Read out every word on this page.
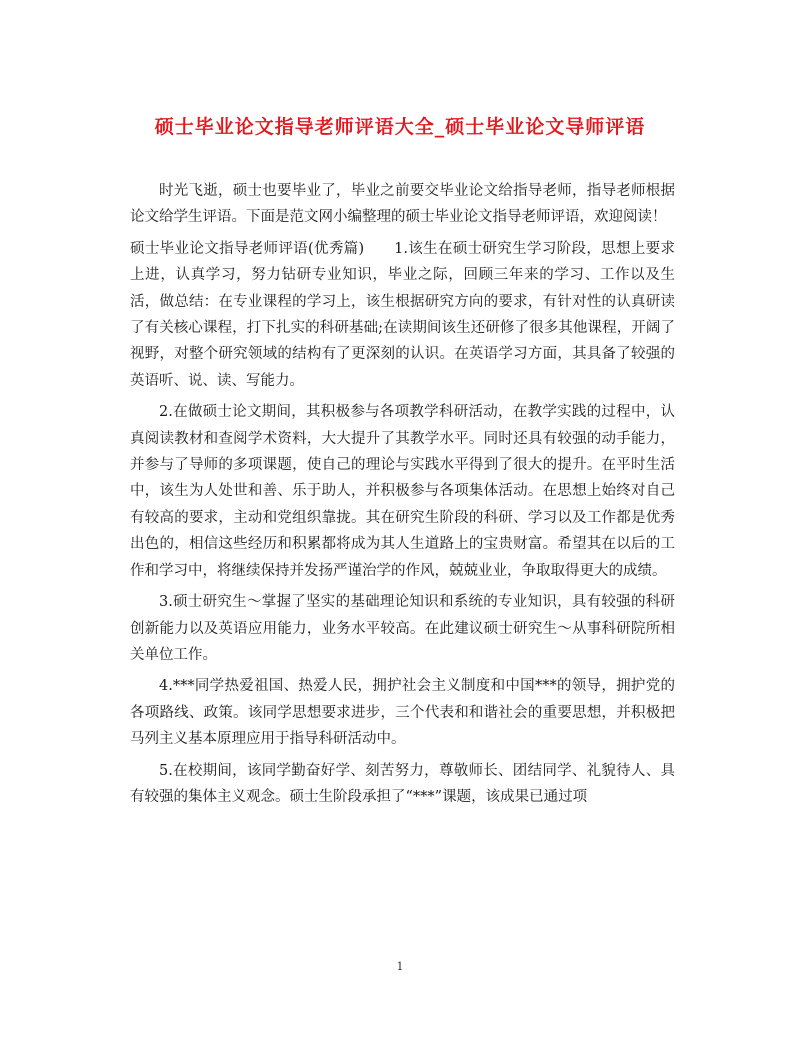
硕士毕业论文指导老师评语大全_硕士毕业论文导师评语

时光飞逝，硕士也要毕业了，毕业之前要交毕业论文给指导老师，指导老师根据论文给学生评语。下面是范文网小编整理的硕士毕业论文指导老师评语，欢迎阅读！

硕士毕业论文指导老师评语(优秀篇)　　1.该生在硕士研究生学习阶段，思想上要求上进，认真学习，努力钻研专业知识，毕业之际，回顾三年来的学习、工作以及生活，做总结：在专业课程的学习上，该生根据研究方向的要求，有针对性的认真研读了有关核心课程，打下扎实的科研基础;在读期间该生还研修了很多其他课程，开阔了视野，对整个研究领域的结构有了更深刻的认识。在英语学习方面，其具备了较强的英语听、说、读、写能力。

2.在做硕士论文期间，其积极参与各项教学科研活动，在教学实践的过程中，认真阅读教材和查阅学术资料，大大提升了其教学水平。同时还具有较强的动手能力，并参与了导师的多项课题，使自己的理论与实践水平得到了很大的提升。在平时生活中，该生为人处世和善、乐于助人，并积极参与各项集体活动。在思想上始终对自己有较高的要求，主动和党组织靠拢。其在研究生阶段的科研、学习以及工作都是优秀出色的，相信这些经历和积累都将成为其人生道路上的宝贵财富。希望其在以后的工作和学习中，将继续保持并发扬严谨治学的作风，兢兢业业，争取取得更大的成绩。

3.硕士研究生～掌握了坚实的基础理论知识和系统的专业知识，具有较强的科研创新能力以及英语应用能力，业务水平较高。在此建议硕士研究生～从事科研院所相关单位工作。

4.***同学热爱祖国、热爱人民，拥护社会主义制度和中国***的领导，拥护党的各项路线、政策。该同学思想要求进步，三个代表和和谐社会的重要思想，并积极把马列主义基本原理应用于指导科研活动中。

5.在校期间，该同学勤奋好学、刻苦努力，尊敬师长、团结同学、礼貌待人、具有较强的集体主义观念。硕士生阶段承担了“***”课题，该成果已通过项

1
